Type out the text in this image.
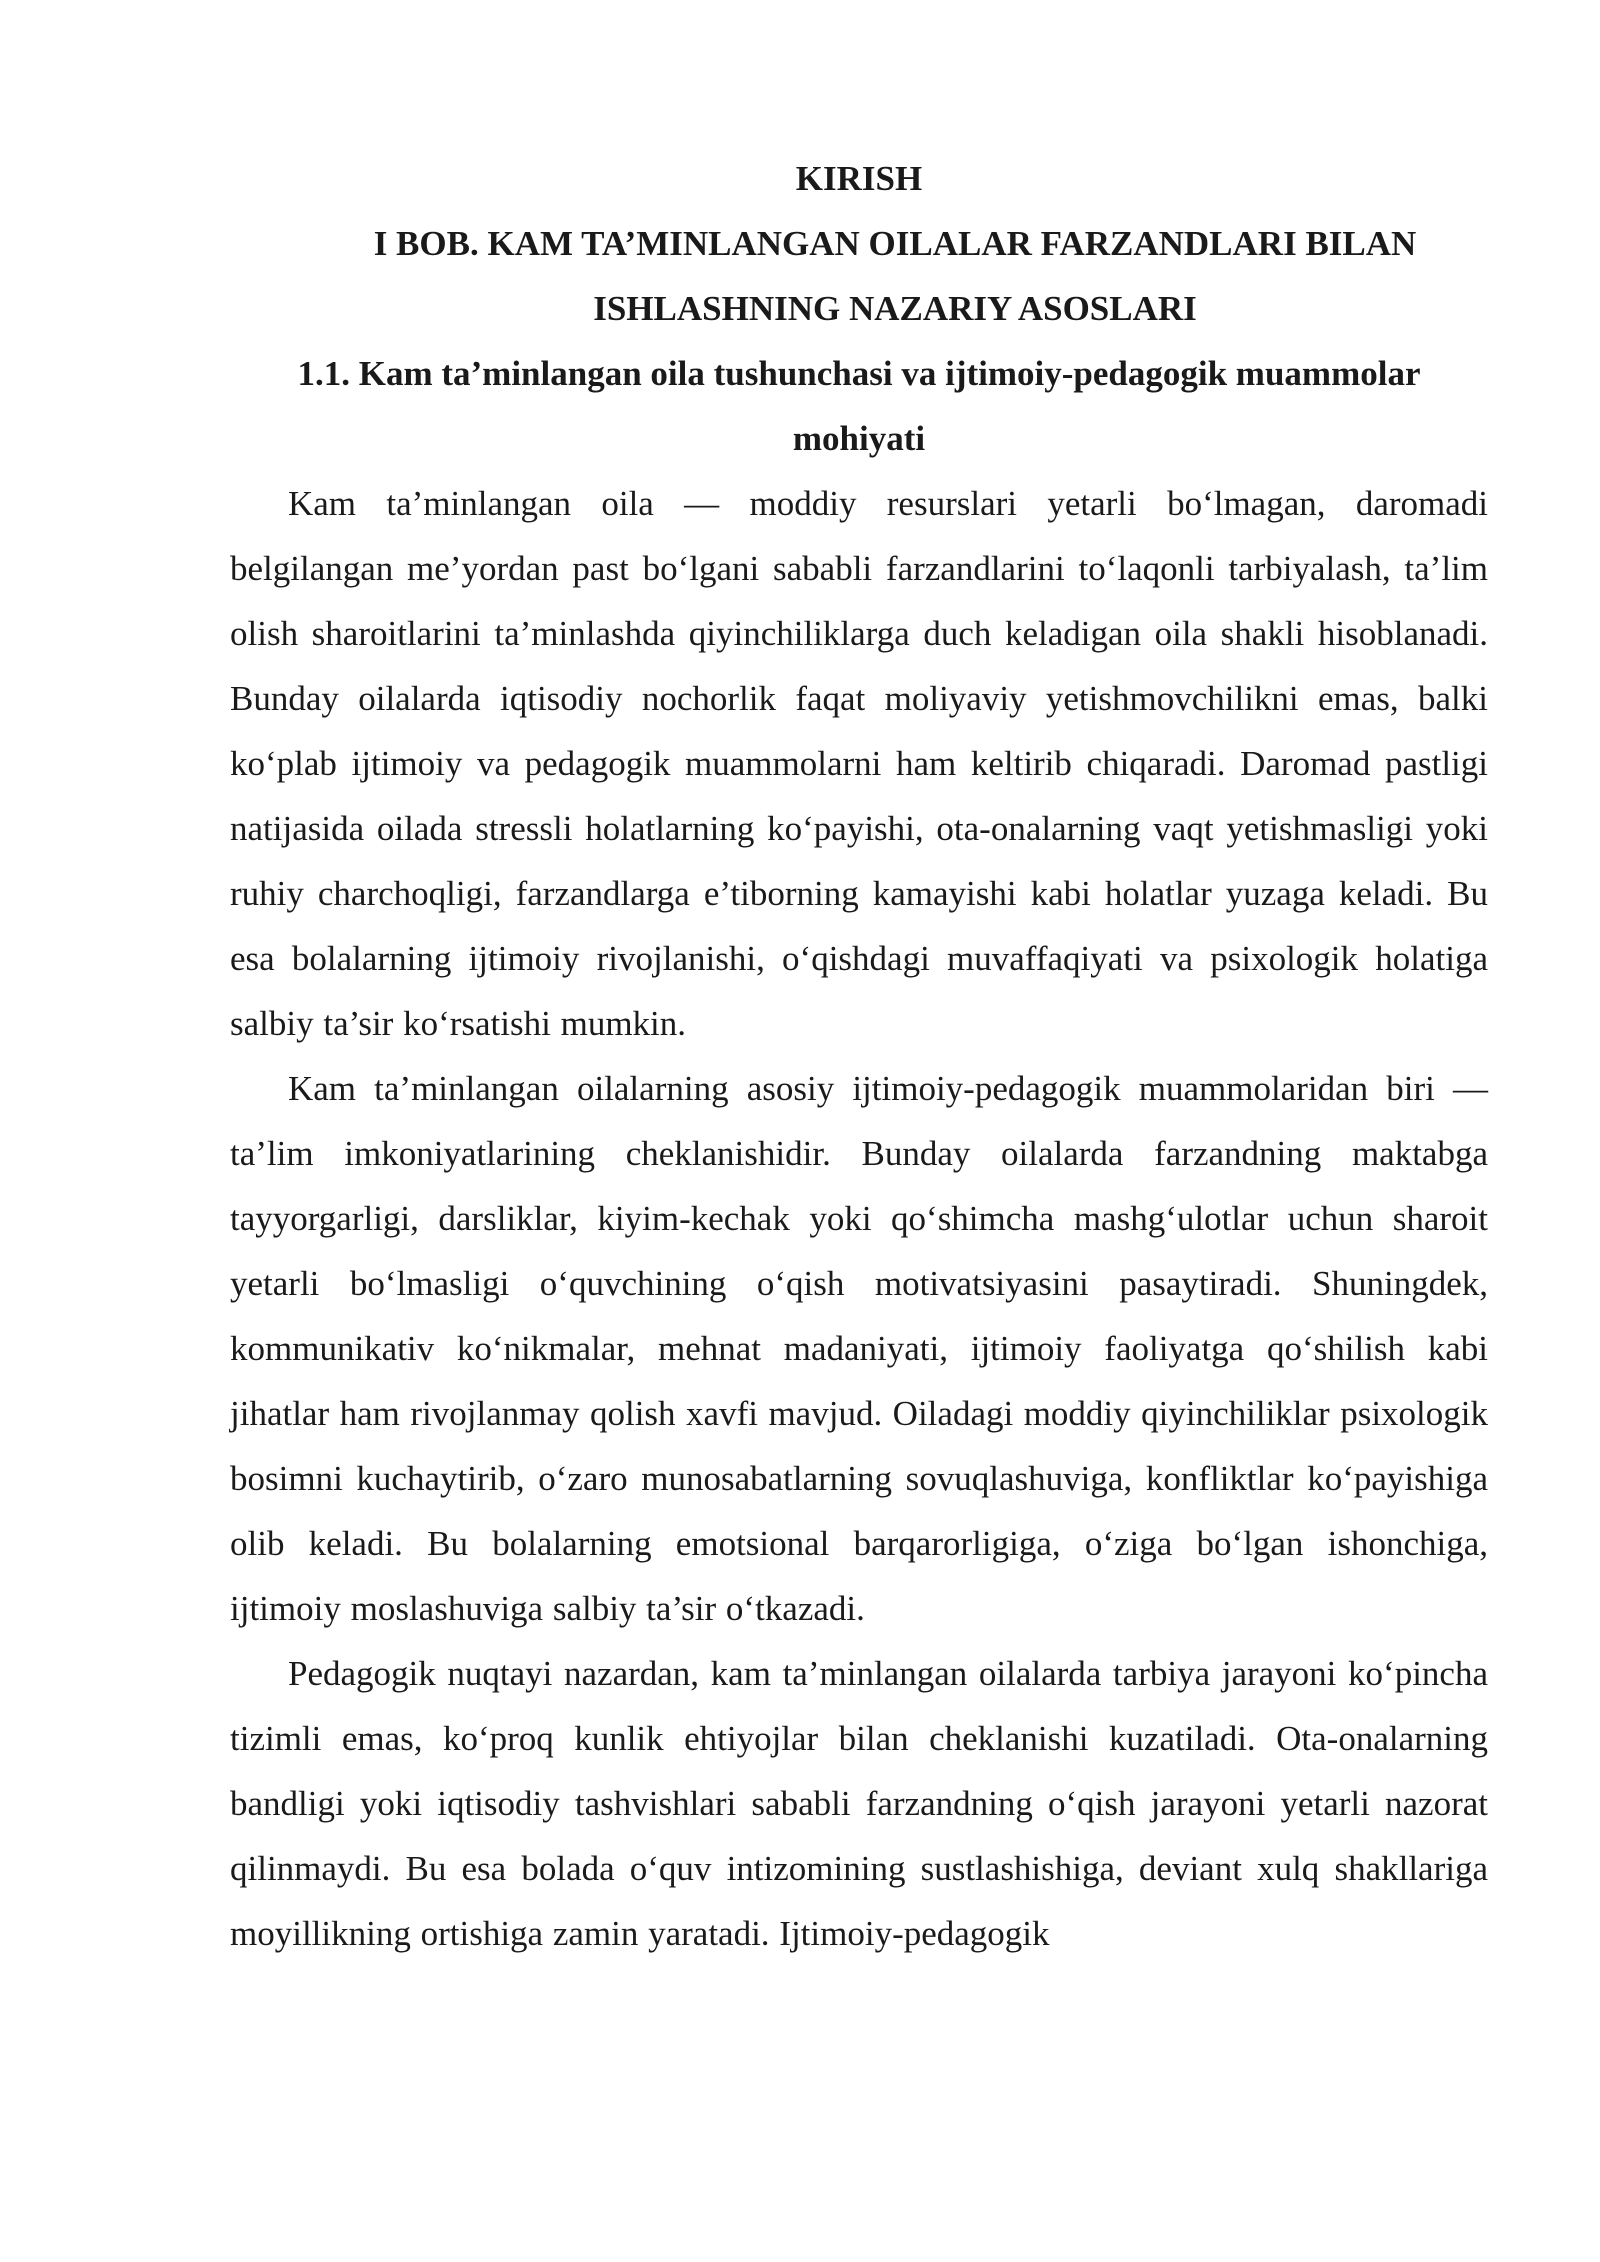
KIRISH

I BOB. KAM TA’MINLANGAN OILALAR FARZANDLARI BILAN ISHLASHNING NAZARIY ASOSLARI

1.1. Kam ta’minlangan oila tushunchasi va ijtimoiy-pedagogik muammolar mohiyati

Kam ta’minlangan oila — moddiy resurslari yetarli bo‘lmagan, daromadi belgilangan me’yordan past bo‘lgani sababli farzandlarini to‘laqonli tarbiyalash, ta’lim olish sharoitlarini ta’minlashda qiyinchiliklarga duch keladigan oila shakli hisoblanadi. Bunday oilalarda iqtisodiy nochorlik faqat moliyaviy yetishmovchilikni emas, balki ko‘plab ijtimoiy va pedagogik muammolarni ham keltirib chiqaradi. Daromad pastligi natijasida oilada stressli holatlarning ko‘payishi, ota-onalarning vaqt yetishmasligi yoki ruhiy charchoqligi, farzandlarga e’tiborning kamayishi kabi holatlar yuzaga keladi. Bu esa bolalarning ijtimoiy rivojlanishi, o‘qishdagi muvaffaqiyati va psixologik holatiga salbiy ta’sir ko‘rsatishi mumkin.

Kam ta’minlangan oilalarning asosiy ijtimoiy-pedagogik muammolaridan biri — ta’lim imkoniyatlarining cheklanishidir. Bunday oilalarda farzandning maktabga tayyorgarligi, darsliklar, kiyim-kechak yoki qo‘shimcha mashg‘ulotlar uchun sharoit yetarli bo‘lmasligi o‘quvchining o‘qish motivatsiyasini pasaytiradi. Shuningdek, kommunikativ ko‘nikmalar, mehnat madaniyati, ijtimoiy faoliyatga qo‘shilish kabi jihatlar ham rivojlanmay qolish xavfi mavjud. Oiladagi moddiy qiyinchiliklar psixologik bosimni kuchaytirib, o‘zaro munosabatlarning sovuqlashuviga, konfliktlar ko‘payishiga olib keladi. Bu bolalarning emotsional barqarorligiga, o‘ziga bo‘lgan ishonchiga, ijtimoiy moslashuviga salbiy ta’sir o‘tkazadi.

Pedagogik nuqtayi nazardan, kam ta’minlangan oilalarda tarbiya jarayoni ko‘pincha tizimli emas, ko‘proq kunlik ehtiyojlar bilan cheklanishi kuzatiladi. Ota-onalarning bandligi yoki iqtisodiy tashvishlari sababli farzandning o‘qish jarayoni yetarli nazorat qilinmaydi. Bu esa bolada o‘quv intizomining sustlashishiga, deviant xulq shakllariga moyillikning ortishiga zamin yaratadi. Ijtimoiy-pedagogik
